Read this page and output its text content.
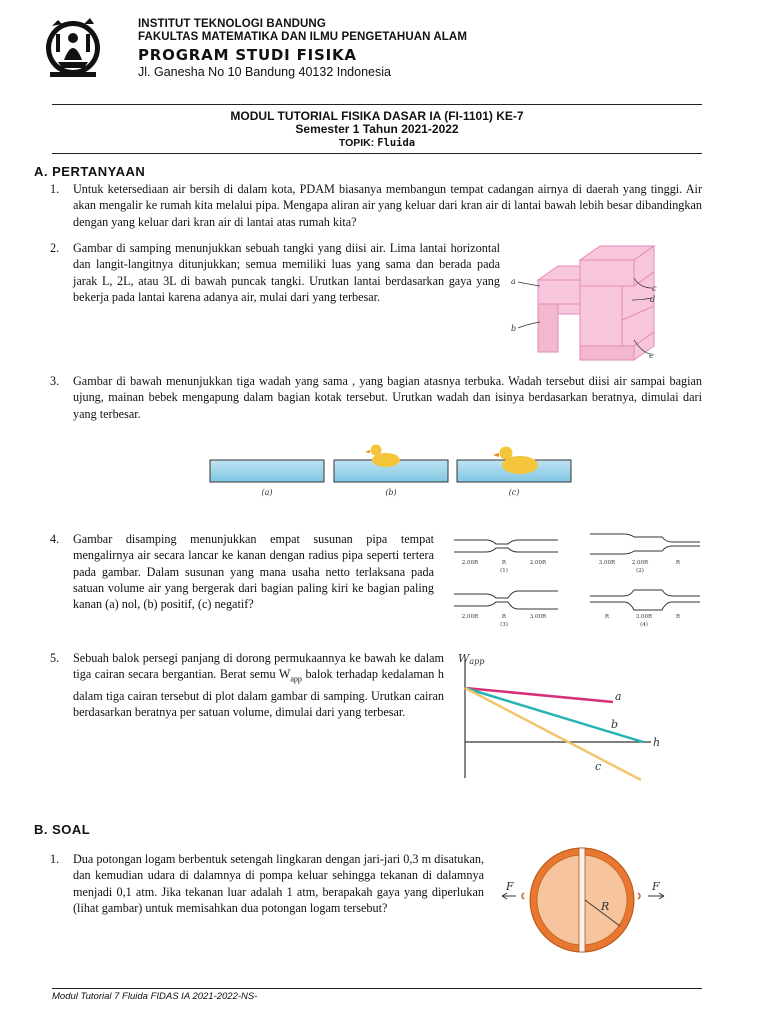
INSTITUT TEKNOLOGI BANDUNG
FAKULTAS MATEMATIKA DAN ILMU PENGETAHUAN ALAM
PROGRAM STUDI FISIKA
Jl. Ganesha No 10 Bandung 40132 Indonesia
MODUL TUTORIAL FISIKA DASAR IA (FI-1101) KE-7
Semester 1 Tahun 2021-2022
TOPIK: Fluida
A. PERTANYAAN
1. Untuk ketersediaan air bersih di dalam kota, PDAM biasanya membangun tempat cadangan airnya di daerah yang tinggi. Air akan mengalir ke rumah kita melalui pipa. Mengapa aliran air yang keluar dari kran air di lantai bawah lebih besar dibandingkan dengan yang keluar dari kran air di lantai atas rumah kita?
2. Gambar di samping menunjukkan sebuah tangki yang diisi air. Lima lantai horizontal dan langit-langitnya ditunjukkan; semua memiliki luas yang sama dan berada pada jarak L, 2L, atau 3L di bawah puncak tangki. Urutkan lantai berdasarkan gaya yang bekerja pada lantai karena adanya air, mulai dari yang terbesar.
a
b
c
d
e
3. Gambar di bawah menunjukkan tiga wadah yang sama , yang bagian atasnya terbuka. Wadah tersebut diisi air sampai bagian ujung, mainan bebek mengapung dalam bagian kotak tersebut. Urutkan wadah dan isinya berdasarkan beratnya, dimulai dari yang terbesar.
(a)	(b)	(c)
4. Gambar disamping menunjukkan empat susunan pipa tempat mengalirnya air secara lancar ke kanan dengan radius pipa seperti tertera pada gambar. Dalam susunan yang mana usaha netto terlaksana pada satuan volume air yang bergerak dari bagian paling kiri ke bagian paling kanan (a) nol, (b) positif, (c) negatif?
2.00R	R	2.00R
(1)
3.00R	2.00R	R
(2)
2.00R	R	3.00R
(3)
R	3.00R	R
(4)
5. Sebuah balok persegi panjang di dorong permukaannya ke bawah ke dalam tiga cairan secara bergantian. Berat semu $W_{app}$ balok terhadap kedalaman h dalam tiga cairan tersebut di plot dalam gambar di samping. Urutkan cairan berdasarkan beratnya per satuan volume, dimulai dari yang terbesar.
Wapp
h
a
b
c
B. SOAL
1. Dua potongan logam berbentuk setengah lingkaran dengan jari-jari 0,3 m disatukan, dan kemudian udara di dalamnya di pompa keluar sehingga tekanan di dalamnya menjadi 0,1 atm. Jika tekanan luar adalah 1 atm, berapakah gaya yang diperlukan (lihat gambar) untuk memisahkan dua potongan logam tersebut?	R
F	F
Modul Tutorial 7 Fluida FIDAS IA 2021-2022-NS-
